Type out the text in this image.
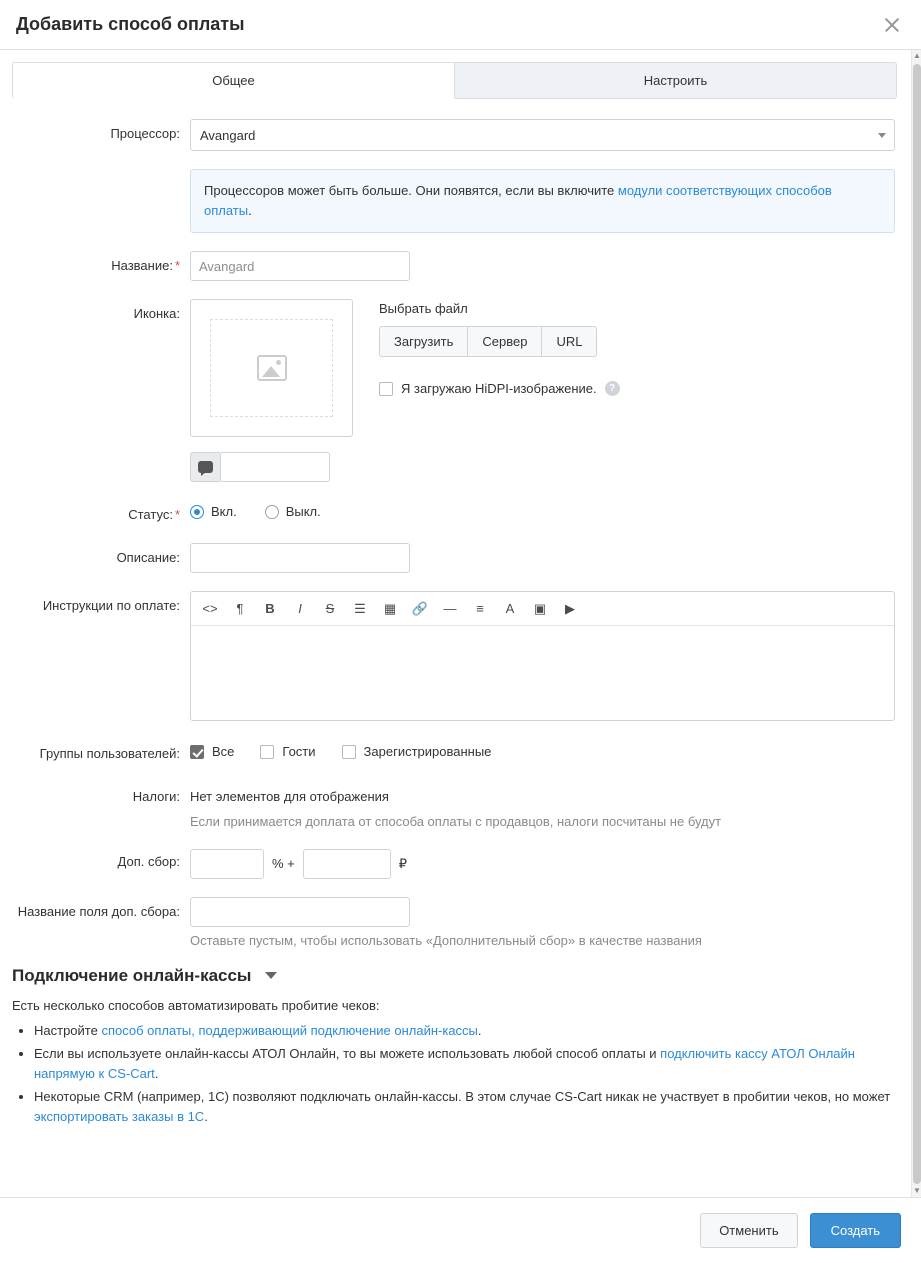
Добавить способ оплаты
▲
▼
Общее	Настроить
Процессор:	Avangard
Процессоров может быть больше. Они появятся, если вы включите модули соответствующих способов оплаты.
Название: *
Avangard
Иконка:	Выбрать файл
Загрузить	Сервер	URL
Я загружаю HiDPI-изображение.	?
Статус: *	Вкл.	Выкл.
Описание:
Инструкции по оплате:	<>	¶	B	I	S	☰	▦	🔗	—	≡	A	▣	▶
Группы пользователей:	Все	Гости	Зарегистрированные
Налоги: Нет элементов для отображения
Если принимается доплата от способа оплаты с продавцов, налоги посчитаны не будут
Доп. сбор:	% +	₽
Название поля доп. сбора:
Оставьте пустым, чтобы использовать «Дополнительный сбор» в качестве названия
Подключение онлайн-кассы
Есть несколько способов автоматизировать пробитие чеков:
• Настройте способ оплаты, поддерживающий подключение онлайн-кассы.
• Если вы используете онлайн-кассы АТОЛ Онлайн, то вы можете использовать любой способ оплаты и подключить кассу АТОЛ Онлайн напрямую к CS-Cart.
• Некоторые CRM (например, 1С) позволяют подключать онлайн-кассы. В этом случае CS-Cart никак не участвует в пробитии чеков, но может экспортировать заказы в 1С.
Отменить	Создать
